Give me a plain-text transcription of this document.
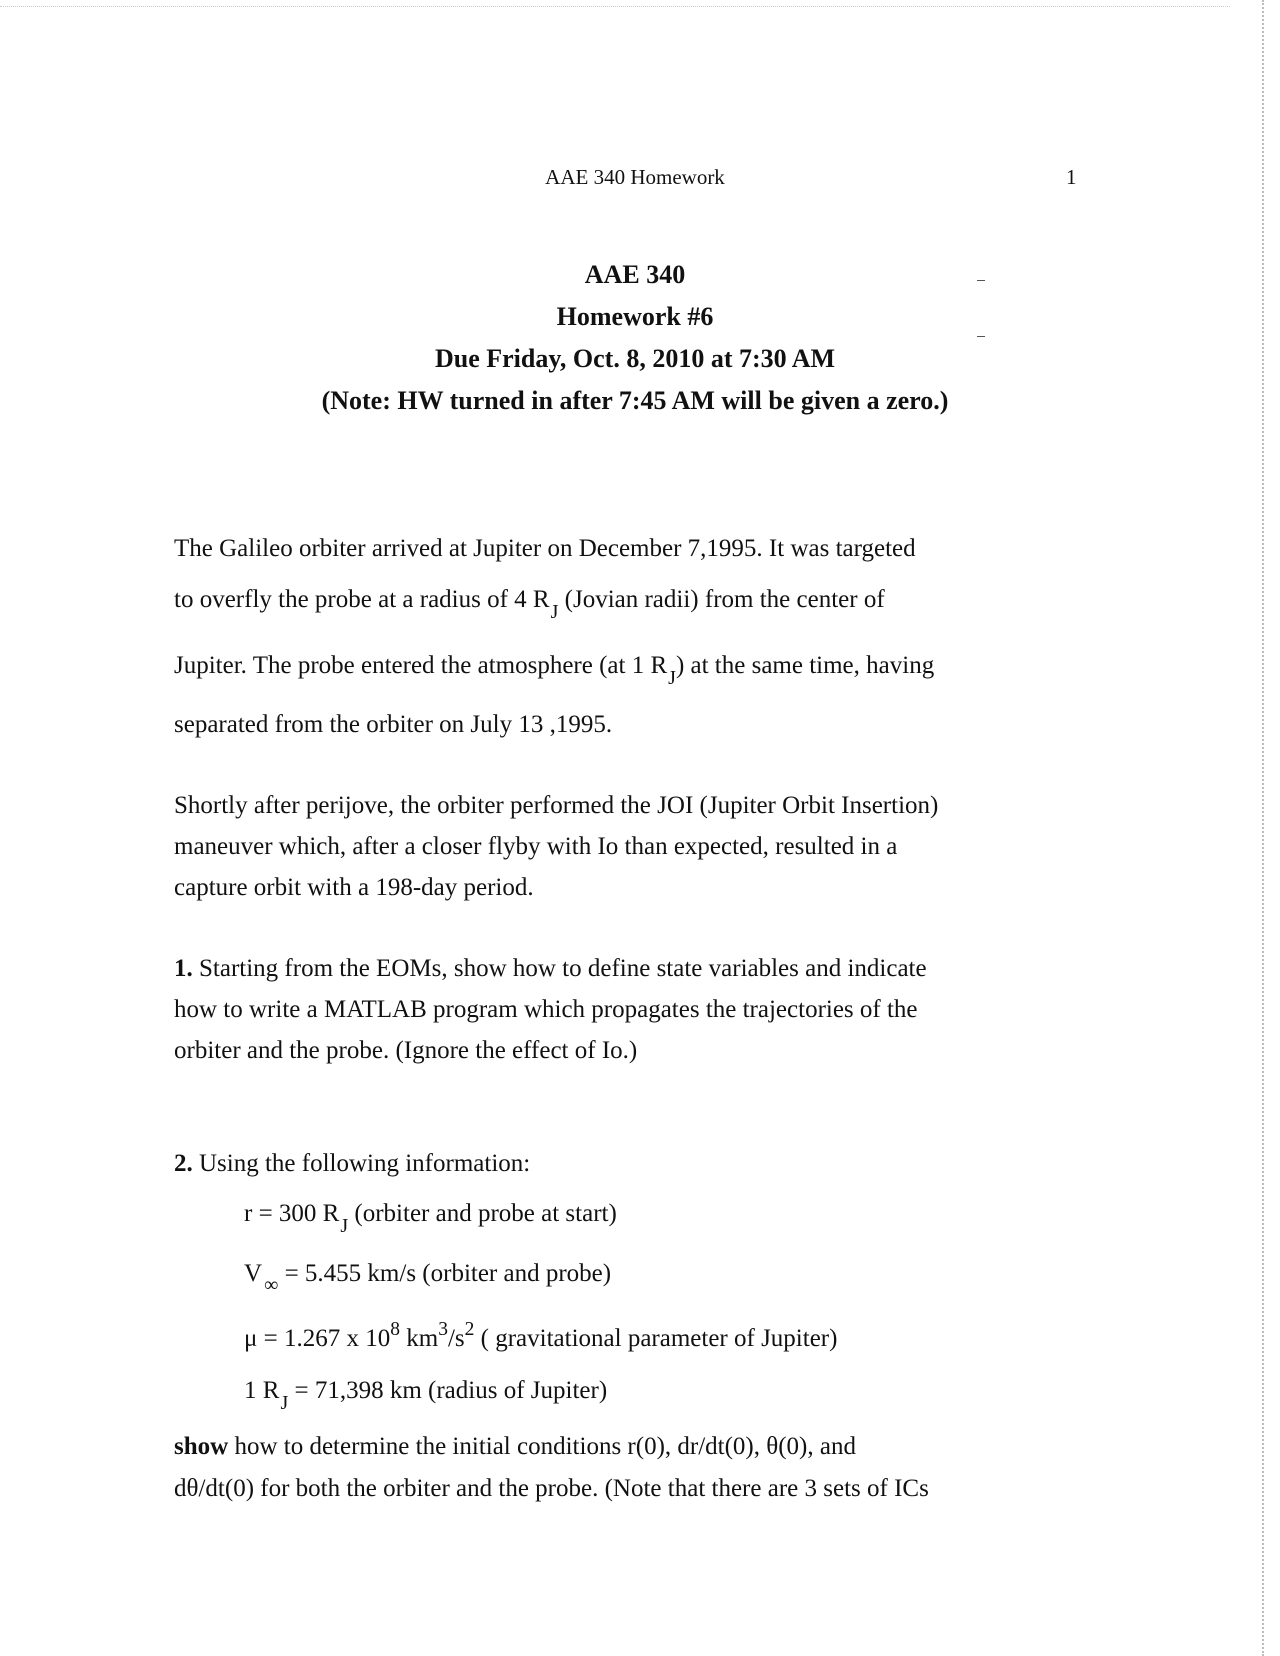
AAE 340 Homework	1
AAE 340
Homework #6
Due Friday, Oct. 8, 2010 at 7:30 AM
(Note: HW turned in after 7:45 AM will be given a zero.)
The Galileo orbiter arrived at Jupiter on December 7,1995. It was targeted
to overfly the probe at a radius of 4 $R_J$ (Jovian radii) from the center of
Jupiter. The probe entered the atmosphere (at 1 $R_J$) at the same time, having
separated from the orbiter on July 13 ,1995.
Shortly after perijove, the orbiter performed the JOI (Jupiter Orbit Insertion)
maneuver which, after a closer flyby with Io than expected, resulted in a
capture orbit with a 198-day period.
1. Starting from the EOMs, show how to define state variables and indicate
how to write a MATLAB program which propagates the trajectories of the
orbiter and the probe. (Ignore the effect of Io.)
2. Using the following information:
r = 300 $R_J$ (orbiter and probe at start)
V $_\infty$ = 5.455 km/s (orbiter and probe)
μ = 1.267 x $10^8$ $km^3/s^2$ ( gravitational parameter of Jupiter)
1 $R_J = 71,398$ km (radius of Jupiter)
show how to determine the initial conditions r(0), dr/dt(0), θ(0), and
dθ/dt(0) for both the orbiter and the probe. (Note that there are 3 sets of ICs
